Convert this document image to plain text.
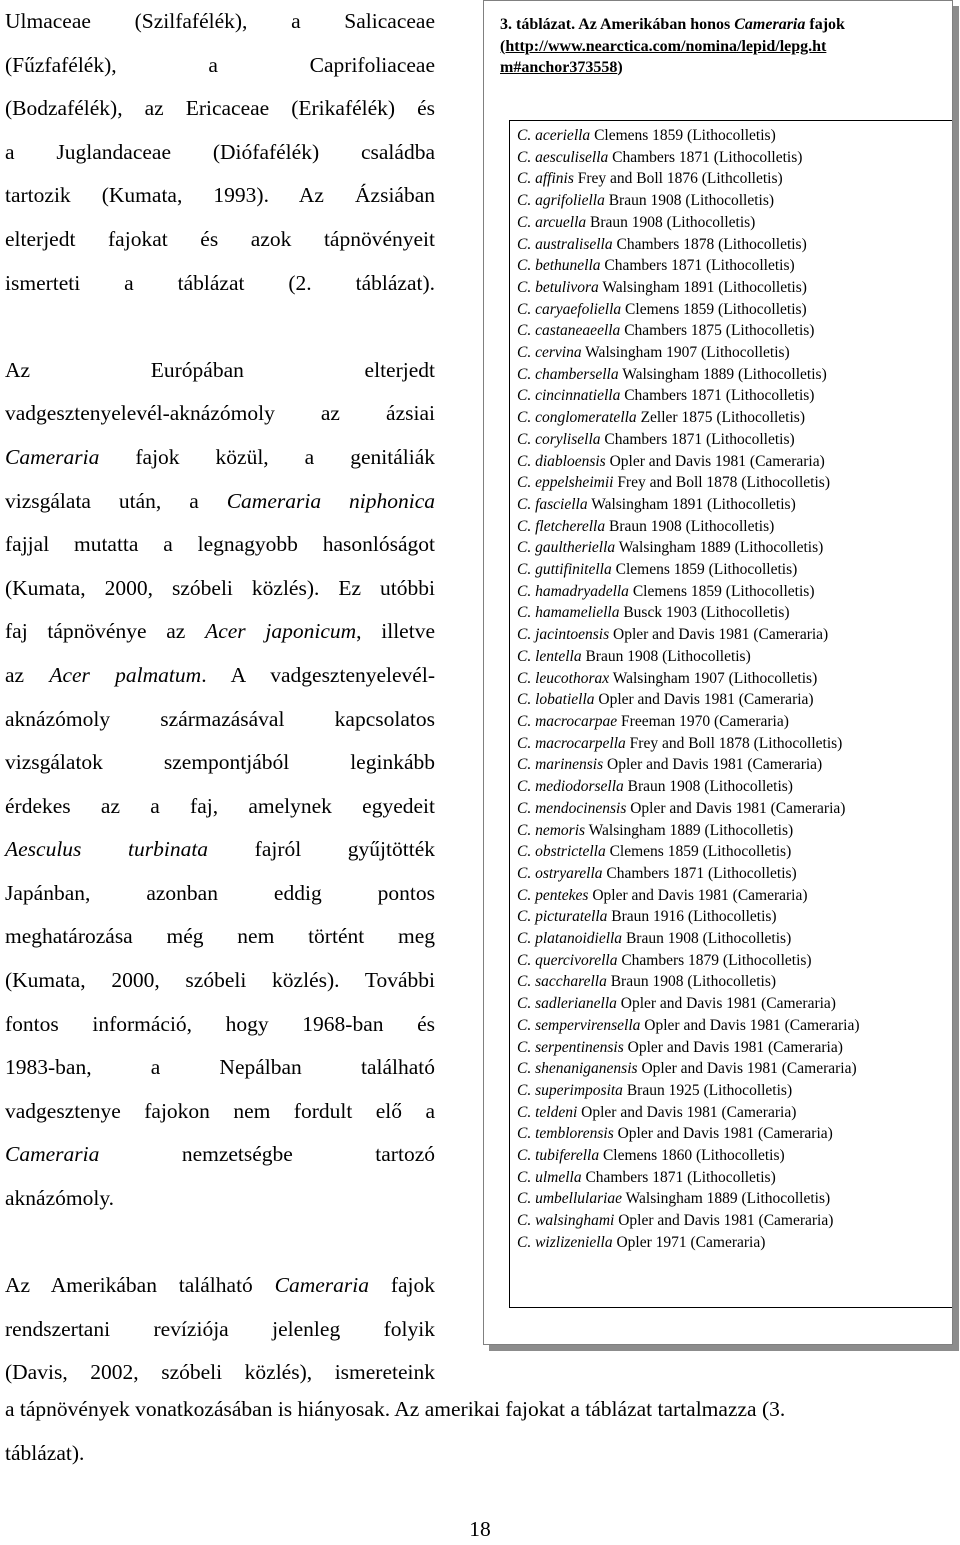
Ulmaceae (Szilfafélék), a Salicaceae
(Fűzfafélék), a Caprifoliaceae
(Bodzafélék), az Ericaceae (Erikafélék) és
a Juglandaceae (Diófafélék) családba
tartozik (Kumata, 1993). Az Ázsiában
elterjedt fajokat és azok tápnövényeit
ismerteti a táblázat (2. táblázat).
Az Európában elterjedt
vadgesztenyelevél-aknázómoly az ázsiai
Cameraria fajok közül, a genitáliák
vizsgálata után, a Cameraria niphonica
fajjal mutatta a legnagyobb hasonlóságot
(Kumata, 2000, szóbeli közlés). Ez utóbbi
faj tápnövénye az Acer japonicum, illetve
az Acer palmatum. A vadgesztenyelevél-
aknázómoly származásával kapcsolatos
vizsgálatok szempontjából leginkább
érdekes az a faj, amelynek egyedeit
Aesculus turbinata fajról gyűjtötték
Japánban, azonban eddig pontos
meghatározása még nem történt meg
(Kumata, 2000, szóbeli közlés). További
fontos információ, hogy 1968-ban és
1983-ban, a Nepálban található
vadgesztenye fajokon nem fordult elő a
Cameraria nemzetségbe tartozó
aknázómoly.
Az Amerikában található Cameraria fajok
rendszertani revíziója jelenleg folyik
(Davis, 2002, szóbeli közlés), ismereteink
3. táblázat. Az Amerikában honos Cameraria fajok
(http://www.nearctica.com/nomina/lepid/lepg.ht m#anchor373558)
C. aceriella Clemens 1859 (Lithocolletis)
C. aesculisella Chambers 1871 (Lithocolletis)
C. affinis Frey and Boll 1876 (Lithcolletis)
C. agrifoliella Braun 1908 (Lithocolletis)
C. arcuella Braun 1908 (Lithocolletis)
C. australisella Chambers 1878 (Lithocolletis)
C. bethunella Chambers 1871 (Lithocolletis)
C. betulivora Walsingham 1891 (Lithocolletis)
C. caryaefoliella Clemens 1859 (Lithocolletis)
C. castaneaeella Chambers 1875 (Lithocolletis)
C. cervina Walsingham 1907 (Lithocolletis)
C. chambersella Walsingham 1889 (Lithocolletis)
C. cincinnatiella Chambers 1871 (Lithocolletis)
C. conglomeratella Zeller 1875 (Lithocolletis)
C. corylisella Chambers 1871 (Lithocolletis)
C. diabloensis Opler and Davis 1981 (Cameraria)
C. eppelsheimii Frey and Boll 1878 (Lithocolletis)
C. fasciella Walsingham 1891 (Lithocolletis)
C. fletcherella Braun 1908 (Lithocolletis)
C. gaultheriella Walsingham 1889 (Lithocolletis)
C. guttifinitella Clemens 1859 (Lithocolletis)
C. hamadryadella Clemens 1859 (Lithocolletis)
C. hamameliella Busck 1903 (Lithocolletis)
C. jacintoensis Opler and Davis 1981 (Cameraria)
C. lentella Braun 1908 (Lithocolletis)
C. leucothorax Walsingham 1907 (Lithocolletis)
C. lobatiella Opler and Davis 1981 (Cameraria)
C. macrocarpae Freeman 1970 (Cameraria)
C. macrocarpella Frey and Boll 1878 (Lithocolletis)
C. marinensis Opler and Davis 1981 (Cameraria)
C. mediodorsella Braun 1908 (Lithocolletis)
C. mendocinensis Opler and Davis 1981 (Cameraria)
C. nemoris Walsingham 1889 (Lithocolletis)
C. obstrictella Clemens 1859 (Lithocolletis)
C. ostryarella Chambers 1871 (Lithocolletis)
C. pentekes Opler and Davis 1981 (Cameraria)
C. picturatella Braun 1916 (Lithocolletis)
C. platanoidiella Braun 1908 (Lithocolletis)
C. quercivorella Chambers 1879 (Lithocolletis)
C. saccharella Braun 1908 (Lithocolletis)
C. sadlerianella Opler and Davis 1981 (Cameraria)
C. sempervirensella Opler and Davis 1981 (Cameraria)
C. serpentinensis Opler and Davis 1981 (Cameraria)
C. shenaniganensis Opler and Davis 1981 (Cameraria)
C. superimposita Braun 1925 (Lithocolletis)
C. teldeni Opler and Davis 1981 (Cameraria)
C. temblorensis Opler and Davis 1981 (Cameraria)
C. tubiferella Clemens 1860 (Lithocolletis)
C. ulmella Chambers 1871 (Lithocolletis)
C. umbellulariae Walsingham 1889 (Lithocolletis)
C. walsinghami Opler and Davis 1981 (Cameraria)
C. wizlizeniella Opler 1971 (Cameraria)
a tápnövények vonatkozásában is hiányosak. Az amerikai fajokat a táblázat tartalmazza (3.
táblázat).
18
